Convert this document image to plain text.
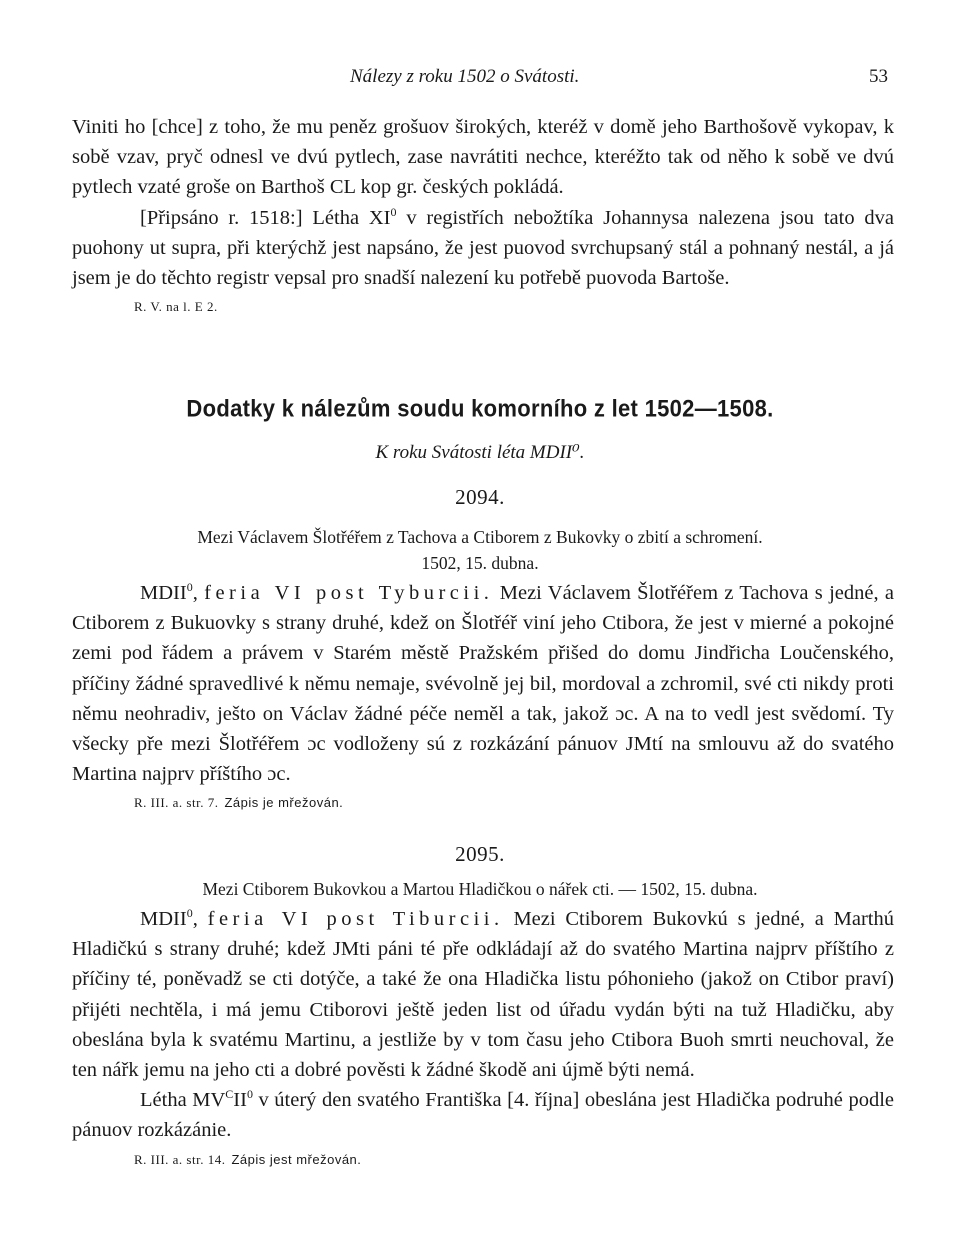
Nálezy z roku 1502 o Svátosti.	53

Viniti ho [chce] z toho, že mu peněz grošuov širokých, kteréž v domě jeho Barthošově vykopav, k sobě vzav, pryč odnesl ve dvú pytlech, zase navrátiti nechce, kteréžto tak od něho k sobě ve dvú pytlech vzaté groše on Barthoš CL kop gr. českých pokládá.

[Připsáno r. 1518:] Létha $XI^0$ v registřích nebožtíka Johannysa nalezena jsou tato dva puohony ut supra, při kterýchž jest napsáno, že jest puovod svrchupsaný stál a pohnaný nestál, a já jsem je do těchto registr vepsal pro snadší nalezení ku potřebě puovoda Bartoše.

R. V. na l. E 2.
Dodatky k nálezům soudu komorního z let 1502—1508.
K roku Svátosti léta MDII⁰.
2094.
Mezi Václavem Šlotřéřem z Tachova a Ctiborem z Bukovky o zbití a schromení.
1502, 15. dubna.

MDII$^0$, feria VI post Tyburcii. Mezi Václavem Šlotřéřem z Tachova s jedné, a Ctiborem z Bukuovky s strany druhé, kdež on Šlotřéř viní jeho Ctibora, že jest v mierné a pokojné zemi pod řádem a právem v Starém městě Pražském přišed do domu Jindřicha Loučenského, příčiny žádné spravedlivé k němu nemaje, svévolně jej bil, mordoval a zchromil, své cti nikdy proti němu neohradiv, ješto on Václav žádné péče neměl a tak, jakož ɔc. A na to vedl jest svědomí. Ty všecky pře mezi Šlotřéřem ɔc vodloženy sú z rozkázání pánuov JMtí na smlouvu až do svatého Martina najprv příštího ɔc.

R. III. a. str. 7. Zápis je mřežován.
2095.
Mezi Ctiborem Bukovkou a Martou Hladičkou o nářek cti. — 1502, 15. dubna.

MDII$^0$, feria VI post Tiburcii. Mezi Ctiborem Bukovkú s jedné, a Marthú Hladičkú s strany druhé; kdež JMti páni té pře odkládají až do svatého Martina najprv příštího z příčiny té, poněvadž se cti dotýče, a také že ona Hladička listu póhonieho (jakož on Ctibor praví) přijéti nechtěla, i má jemu Ctiborovi ještě jeden list od úřadu vydán býti na tuž Hladičku, aby obeslána byla k svatému Martinu, a jestliže by v tom času jeho Ctibora Buoh smrti neuchoval, že ten nářk jemu na jeho cti a dobré pověsti k žádné škodě ani újmě býti nemá.

Létha $MV^CII^0$ v úterý den svatého Františka [4. října] obeslána jest Hladička podruhé podle pánuov rozkázánie.

R. III. a. str. 14. Zápis jest mřežován.
